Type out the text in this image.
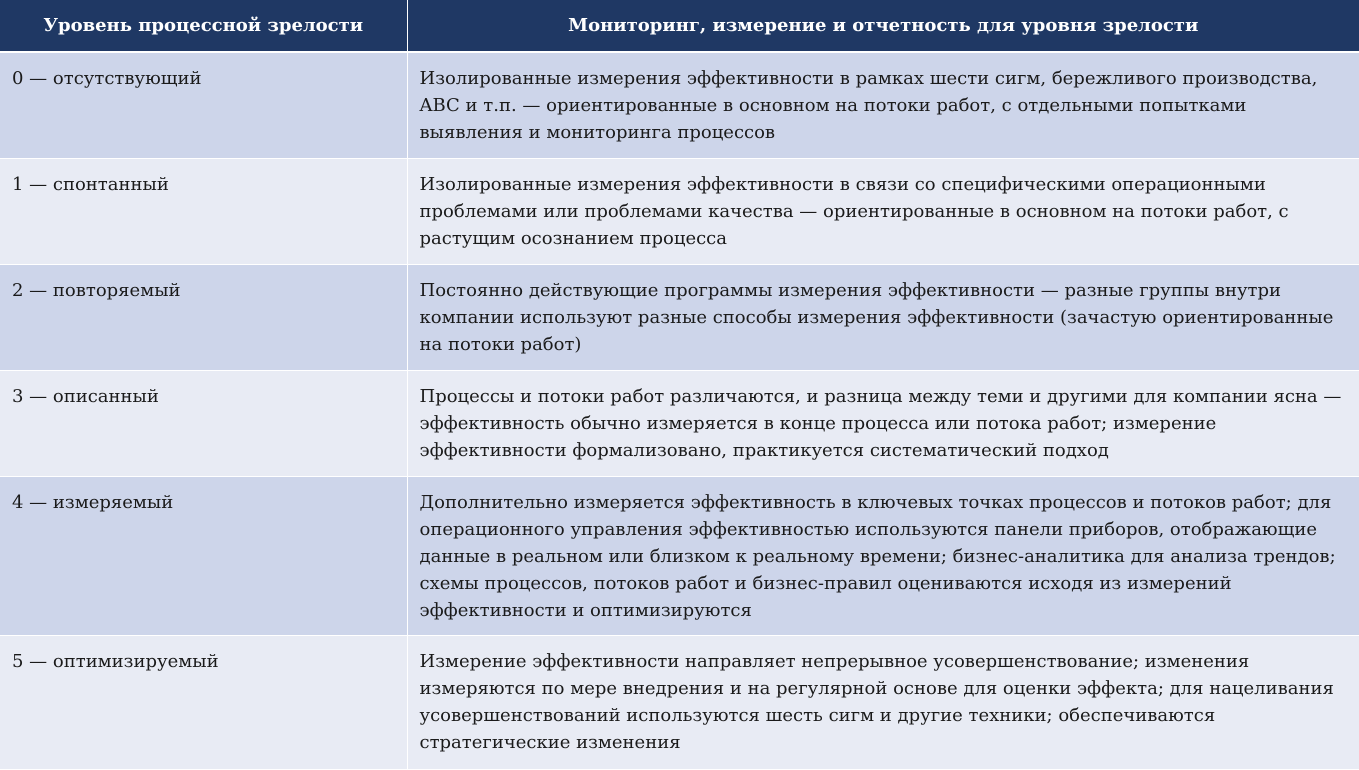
Уровень процессной зрелости	Мониторинг, измерение и отчетность для уровня зрелости
0 — отсутствующий	Изолированные измерения эффективности в рамках шести сигм, бережливого производства, ABC и т.п. — ориентированные в основном на потоки работ, с отдельными попытками выявления и мониторинга процессов
1 — спонтанный	Изолированные измерения эффективности в связи со специфическими операционными проблемами или проблемами качества — ориентированные в основном на потоки работ, с растущим осознанием процесса
2 — повторяемый	Постоянно действующие программы измерения эффективности — разные группы внутри компании используют разные способы измерения эффективности (зачастую ориентированные на потоки работ)
3 — описанный	Процессы и потоки работ различаются, и разница между теми и другими для компании ясна — эффективность обычно измеряется в конце процесса или потока работ; измерение эффективности формализовано, практикуется систематический подход
4 — измеряемый	Дополнительно измеряется эффективность в ключевых точках процессов и потоков работ; для операционного управления эффективностью используются панели приборов, отображающие данные в реальном или близком к реальному времени; бизнес-аналитика для анализа трендов; схемы процессов, потоков работ и бизнес-правил оцениваются исходя из измерений эффективности и оптимизируются
5 — оптимизируемый	Измерение эффективности направляет непрерывное усовершенствование; изменения измеряются по мере внедрения и на регулярной основе для оценки эффекта; для нацеливания усовершенствований используются шесть сигм и другие техники; обеспечиваются стратегические изменения
